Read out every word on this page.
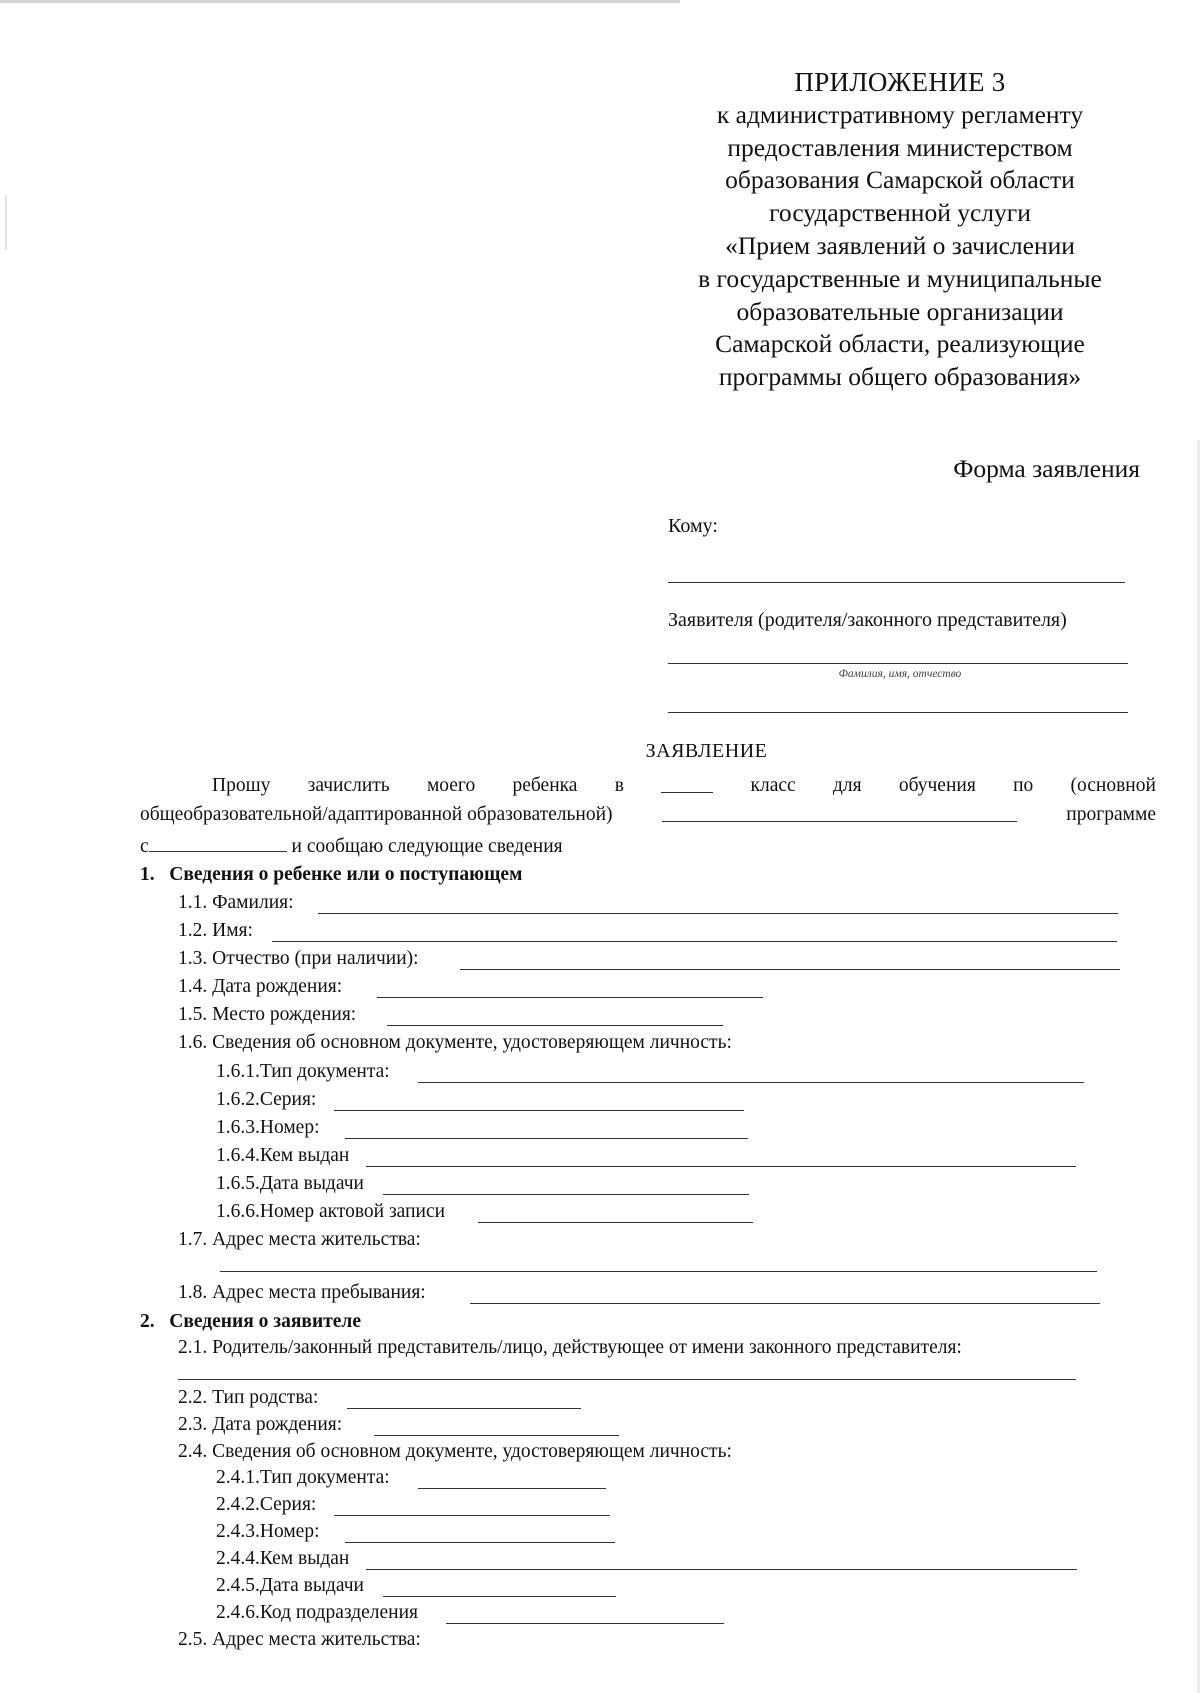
ПРИЛОЖЕНИЕ 3
к административному регламенту
предоставления министерством
образования Самарской области
государственной услуги
«Прием заявлений о зачислении
в государственные и муниципальные
образовательные организации
Самарской области, реализующие
программы общего образования»
Форма заявления
Кому:
Заявителя (родителя/законного представителя)
Фамилия, имя, отчество
ЗАЯВЛЕНИЕ
Прошу зачислить моего ребенка в	класс для обучения по (основной
общеобразовательной/адаптированной образовательной)	программе
с	и сообщаю следующие сведения
1. Сведения о ребенке или о поступающем
1.1. Фамилия:
1.2. Имя:
1.3. Отчество (при наличии):
1.4. Дата рождения:
1.5. Место рождения:
1.6. Сведения об основном документе, удостоверяющем личность:
1.6.1.Тип документа:
1.6.2.Серия:
1.6.3.Номер:
1.6.4.Кем выдан
1.6.5.Дата выдачи
1.6.6.Номер актовой записи
1.7. Адрес места жительства:
1.8. Адрес места пребывания:
2. Сведения о заявителе
2.1. Родитель/законный представитель/лицо, действующее от имени законного представителя:
2.2. Тип родства:
2.3. Дата рождения:
2.4. Сведения об основном документе, удостоверяющем личность:
2.4.1.Тип документа:
2.4.2.Серия:
2.4.3.Номер:
2.4.4.Кем выдан
2.4.5.Дата выдачи
2.4.6.Код подразделения
2.5. Адрес места жительства:
